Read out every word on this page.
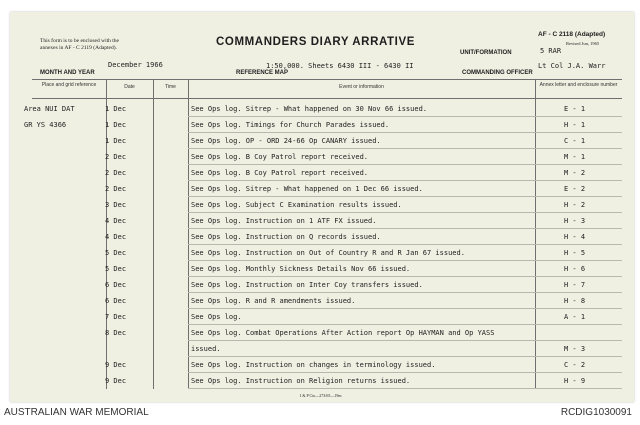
This form is to be enclosed with the
annexes in AF - C 2119 (Adapted).
AF - C 2118 (Adapted)
Revised Jun, 1965
COMMANDERS DIARY ARRATIVE
UNIT/FORMATION	5 RAR
MONTH AND YEAR
December 1966
REFERENCE MAP
1:50,000. Sheets 6430 III - 6430 II
COMMANDING OFFICER
Lt Col J.A. Warr
Place and grid reference	Date	Time	Event or information	Annex letter and enclosure number
Area NUI DAT	1 Dec	See Ops log. Sitrep - What happened on 30 Nov 66 issued.	E - 1
GR YS 4366	1 Dec	See Ops log. Timings for Church Parades issued.	H - 1
1 Dec	See Ops log. OP - ORD 24-66 Op CANARY issued.	C - 1
2 Dec	See Ops log. B Coy Patrol report received.	M - 1
2 Dec	See Ops log. B Coy Patrol report received.	M - 2
2 Dec	See Ops log. Sitrep - What happened on 1 Dec 66 issued.	E - 2
3 Dec	See Ops log. Subject C Examination results issued.	H - 2
4 Dec	See Ops log. Instruction on 1 ATF FX issued.	H - 3
4 Dec	See Ops log. Instruction on Q records issued.	H - 4
5 Dec	See Ops log. Instruction on Out of Country R and R Jan 67 issued.	H - 5
5 Dec	See Ops log. Monthly Sickness Details Nov 66 issued.	H - 6
6 Dec	See Ops log. Instruction on Inter Coy transfers issued.	H - 7
6 Dec	See Ops log. R and R amendments issued.	H - 8
7 Dec	See Ops log.	A - 1
8 Dec	See Ops log. Combat Operations After Action report Op HAYMAN and Op YASS
issued.	M - 3
9 Dec	See Ops log. Instruction on changes in terminology issued.	C - 2
9 Dec	See Ops log. Instruction on Religion returns issued.	H - 9
I & P Cto—273/65—19m
AUSTRALIAN WAR MEMORIAL	RCDIG1030091
